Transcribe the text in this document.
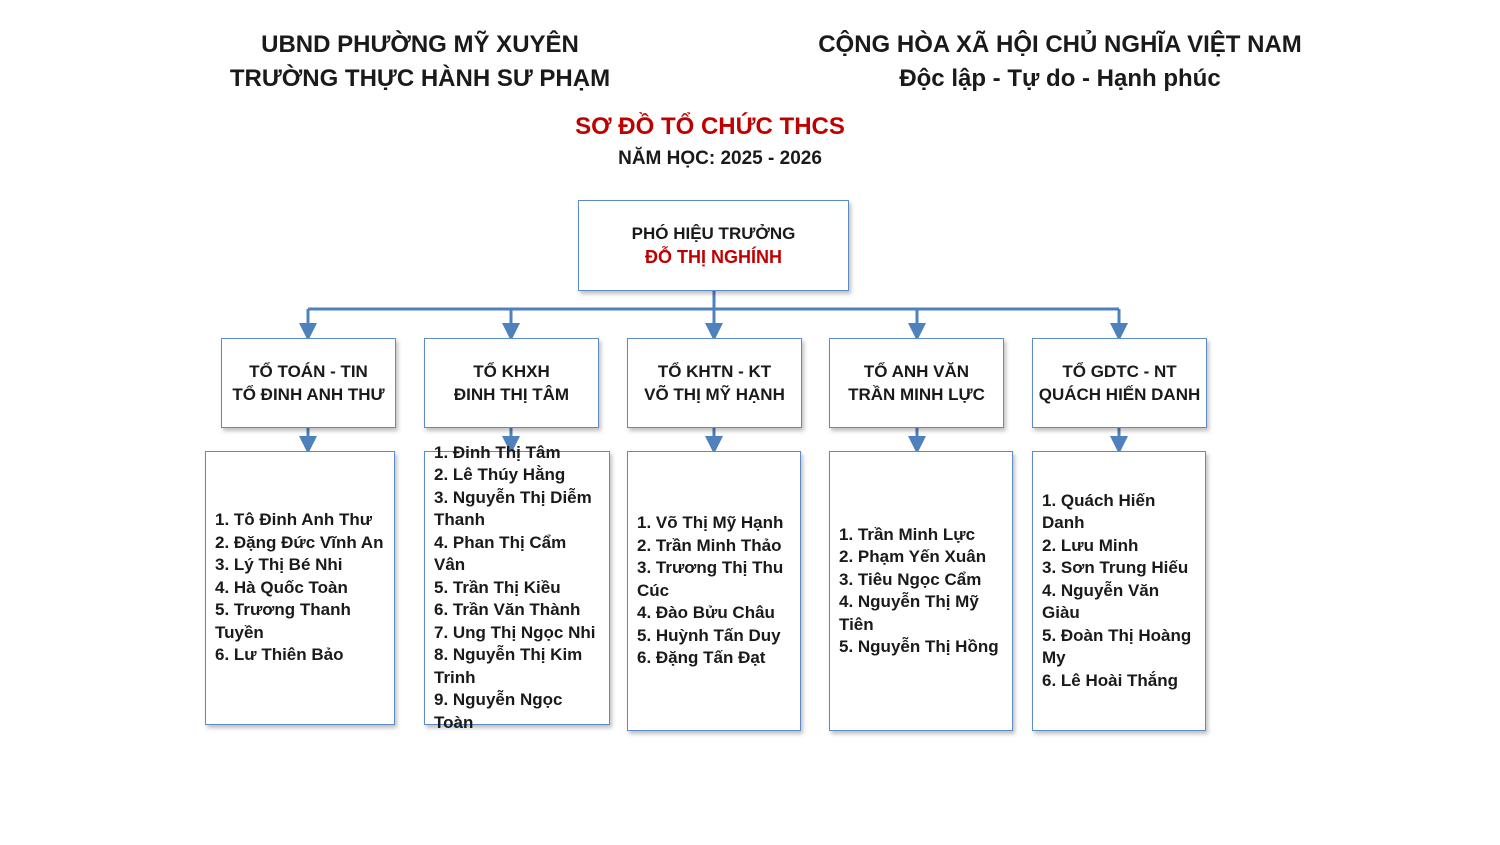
UBND PHƯỜNG MỸ XUYÊN
TRƯỜNG THỰC HÀNH SƯ PHẠM
CỘNG HÒA XÃ HỘI CHỦ NGHĨA VIỆT NAM
Độc lập - Tự do - Hạnh phúc
SƠ ĐỒ TỔ CHỨC THCS
NĂM HỌC: 2025 - 2026
PHÓ HIỆU TRƯỞNG
ĐỖ THỊ NGHÍNH
TỔ TOÁN - TIN
TỔ ĐINH ANH THƯ
1. Tô Đinh Anh Thư
2. Đặng Đức Vĩnh An
3. Lý Thị Bé Nhi
4. Hà Quốc Toàn
5. Trương Thanh Tuyền
6. Lư Thiên Bảo
TỔ KHXH
ĐINH THỊ TÂM
1. Đinh Thị Tâm
2. Lê Thúy Hằng
3. Nguyễn Thị Diễm Thanh
4. Phan Thị Cẩm Vân
5. Trần Thị Kiều
6. Trần Văn Thành
7. Ung Thị Ngọc Nhi
8. Nguyễn Thị Kim Trinh
9. Nguyễn Ngọc Toàn
TỔ KHTN - KT
VÕ THỊ MỸ HẠNH
1. Võ Thị Mỹ Hạnh
2. Trần Minh Thảo
3. Trương Thị Thu Cúc
4. Đào Bửu Châu
5. Huỳnh Tấn Duy
6. Đặng Tấn Đạt
TỔ ANH VĂN
TRẦN MINH LỰC
1. Trần Minh Lực
2. Phạm Yến Xuân
3. Tiêu Ngọc Cẩm
4. Nguyễn Thị Mỹ Tiên
5. Nguyễn Thị Hồng
TỔ GDTC - NT
QUÁCH HIẾN DANH
1. Quách Hiến Danh
2. Lưu Minh
3. Sơn Trung Hiếu
4. Nguyễn Văn Giàu
5. Đoàn Thị Hoàng My
6. Lê Hoài Thắng
